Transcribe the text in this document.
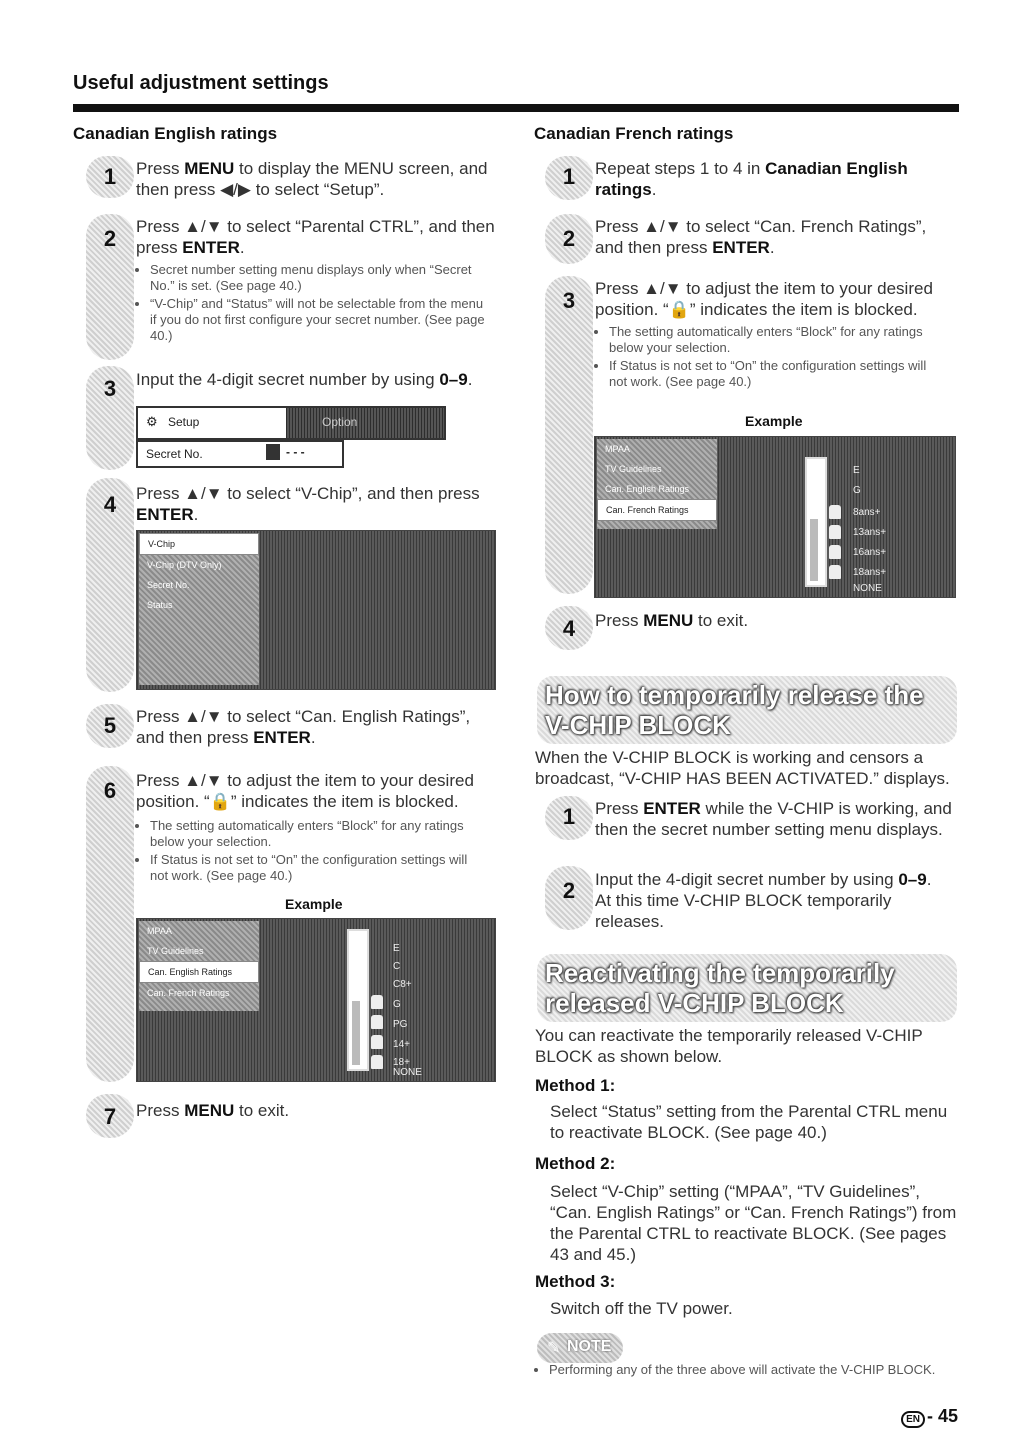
Useful adjustment settings
Canadian English ratings
1	Press MENU to display the MENU screen, and then press ◀/▶ to select “Setup”.
2	Press ▲/▼ to select “Parental CTRL”, and then press ENTER.
• Secret number setting menu displays only when “Secret No.” is set. (See page 40.)
• “V-Chip” and “Status” will not be selectable from the menu if you do not first configure your secret number. (See page 40.)
3	Input the 4-digit secret number by using 0–9.
⚙ Setup	Option
Secret No.	- - -
4	Press ▲/▼ to select “V-Chip”, and then press ENTER.
V-Chip
V-Chip (DTV Only)
Secret No.
Status
5	Press ▲/▼ to select “Can. English Ratings”, and then press ENTER.
6	Press ▲/▼ to adjust the item to your desired position. “🔒” indicates the item is blocked.
• The setting automatically enters “Block” for any ratings below your selection.
• If Status is not set to “On” the configuration settings will not work. (See page 40.)
Example
MPAA
TV Guidelines
Can. English Ratings
Can. French Ratings
E
C
C8+
G
PG
14+
18+
NONE
7	Press MENU to exit.
Canadian French ratings
1	Repeat steps 1 to 4 in Canadian English ratings.
2	Press ▲/▼ to select “Can. French Ratings”, and then press ENTER.
3	Press ▲/▼ to adjust the item to your desired position. “🔒” indicates the item is blocked.
• The setting automatically enters “Block” for any ratings below your selection.
• If Status is not set to “On” the configuration settings will not work. (See page 40.)
Example
MPAA
TV Guidelines
Can. English Ratings
Can. French Ratings
E
G
8ans+
13ans+
16ans+
18ans+
NONE
4	Press MENU to exit.
How to temporarily release the
V-CHIP BLOCK
When the V-CHIP BLOCK is working and censors a broadcast, “V-CHIP HAS BEEN ACTIVATED.” displays.
1	Press ENTER while the V-CHIP is working, and then the secret number setting menu displays.
2	Input the 4-digit secret number by using 0–9. At this time V-CHIP BLOCK temporarily releases.
Reactivating the temporarily
released V-CHIP BLOCK
You can reactivate the temporarily released V-CHIP BLOCK as shown below.
Method 1:
Select “Status” setting from the Parental CTRL menu to reactivate BLOCK. (See page 40.)
Method 2:
Select “V-Chip” setting (“MPAA”, “TV Guidelines”, “Can. English Ratings” or “Can. French Ratings”) from the Parental CTRL to reactivate BLOCK. (See pages 43 and 45.)
Method 3:
Switch off the TV power.
✎ NOTE
• Performing any of the three above will activate the V-CHIP BLOCK.
EN - 45
